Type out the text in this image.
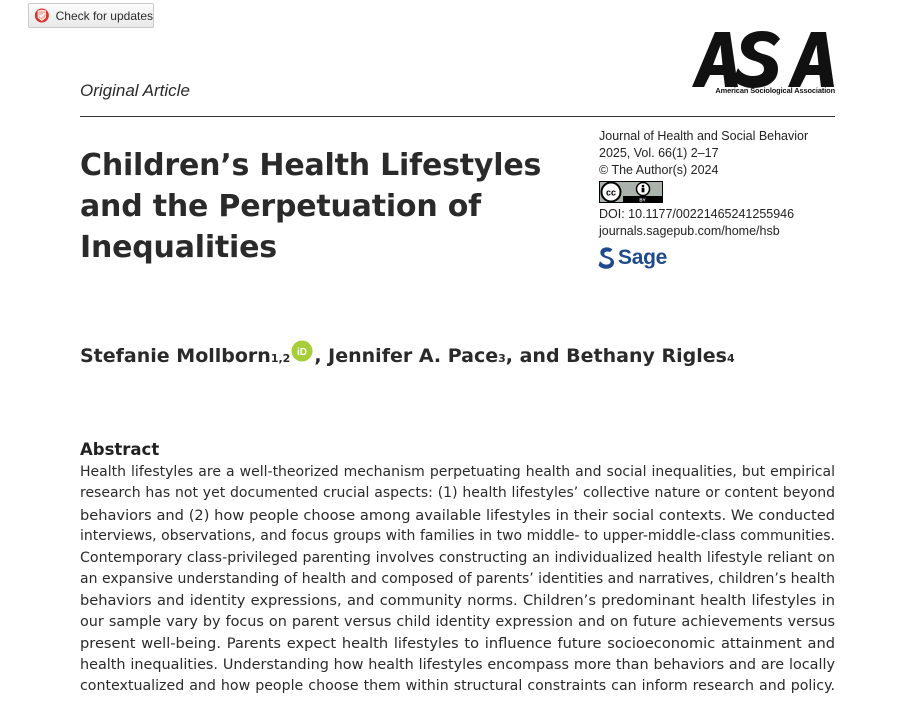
Check for updates
Original Article	American Sociological Association
Children’s Health Lifestyles and the Perpetuation of Inequalities
Journal of Health and Social Behavior
2025, Vol. 66(1) 2–17
© The Author(s) 2024
cc
BY
DOI: 10.1177/00221465241255946
journals.sagepub.com/home/hsb
Sage
Stefanie Mollborn 1,2 iD , Jennifer A. Pace 3 , and Bethany Rigles 4
Abstract
Health lifestyles are a well-theorized mechanism perpetuating health and social inequalities, but empirical
research has not yet documented crucial aspects: (1) health lifestyles’ collective nature or content beyond
behaviors and (2) how people choose among available lifestyles in their social contexts. We conducted
interviews, observations, and focus groups with families in two middle- to upper-middle-class communities.
Contemporary class-privileged parenting involves constructing an individualized health lifestyle reliant on
an expansive understanding of health and composed of parents’ identities and narratives, children’s health
behaviors and identity expressions, and community norms. Children’s predominant health lifestyles in
our sample vary by focus on parent versus child identity expression and on future achievements versus
present well-being. Parents expect health lifestyles to influence future socioeconomic attainment and
health inequalities. Understanding how health lifestyles encompass more than behaviors and are locally
contextualized and how people choose them within structural constraints can inform research and policy.
